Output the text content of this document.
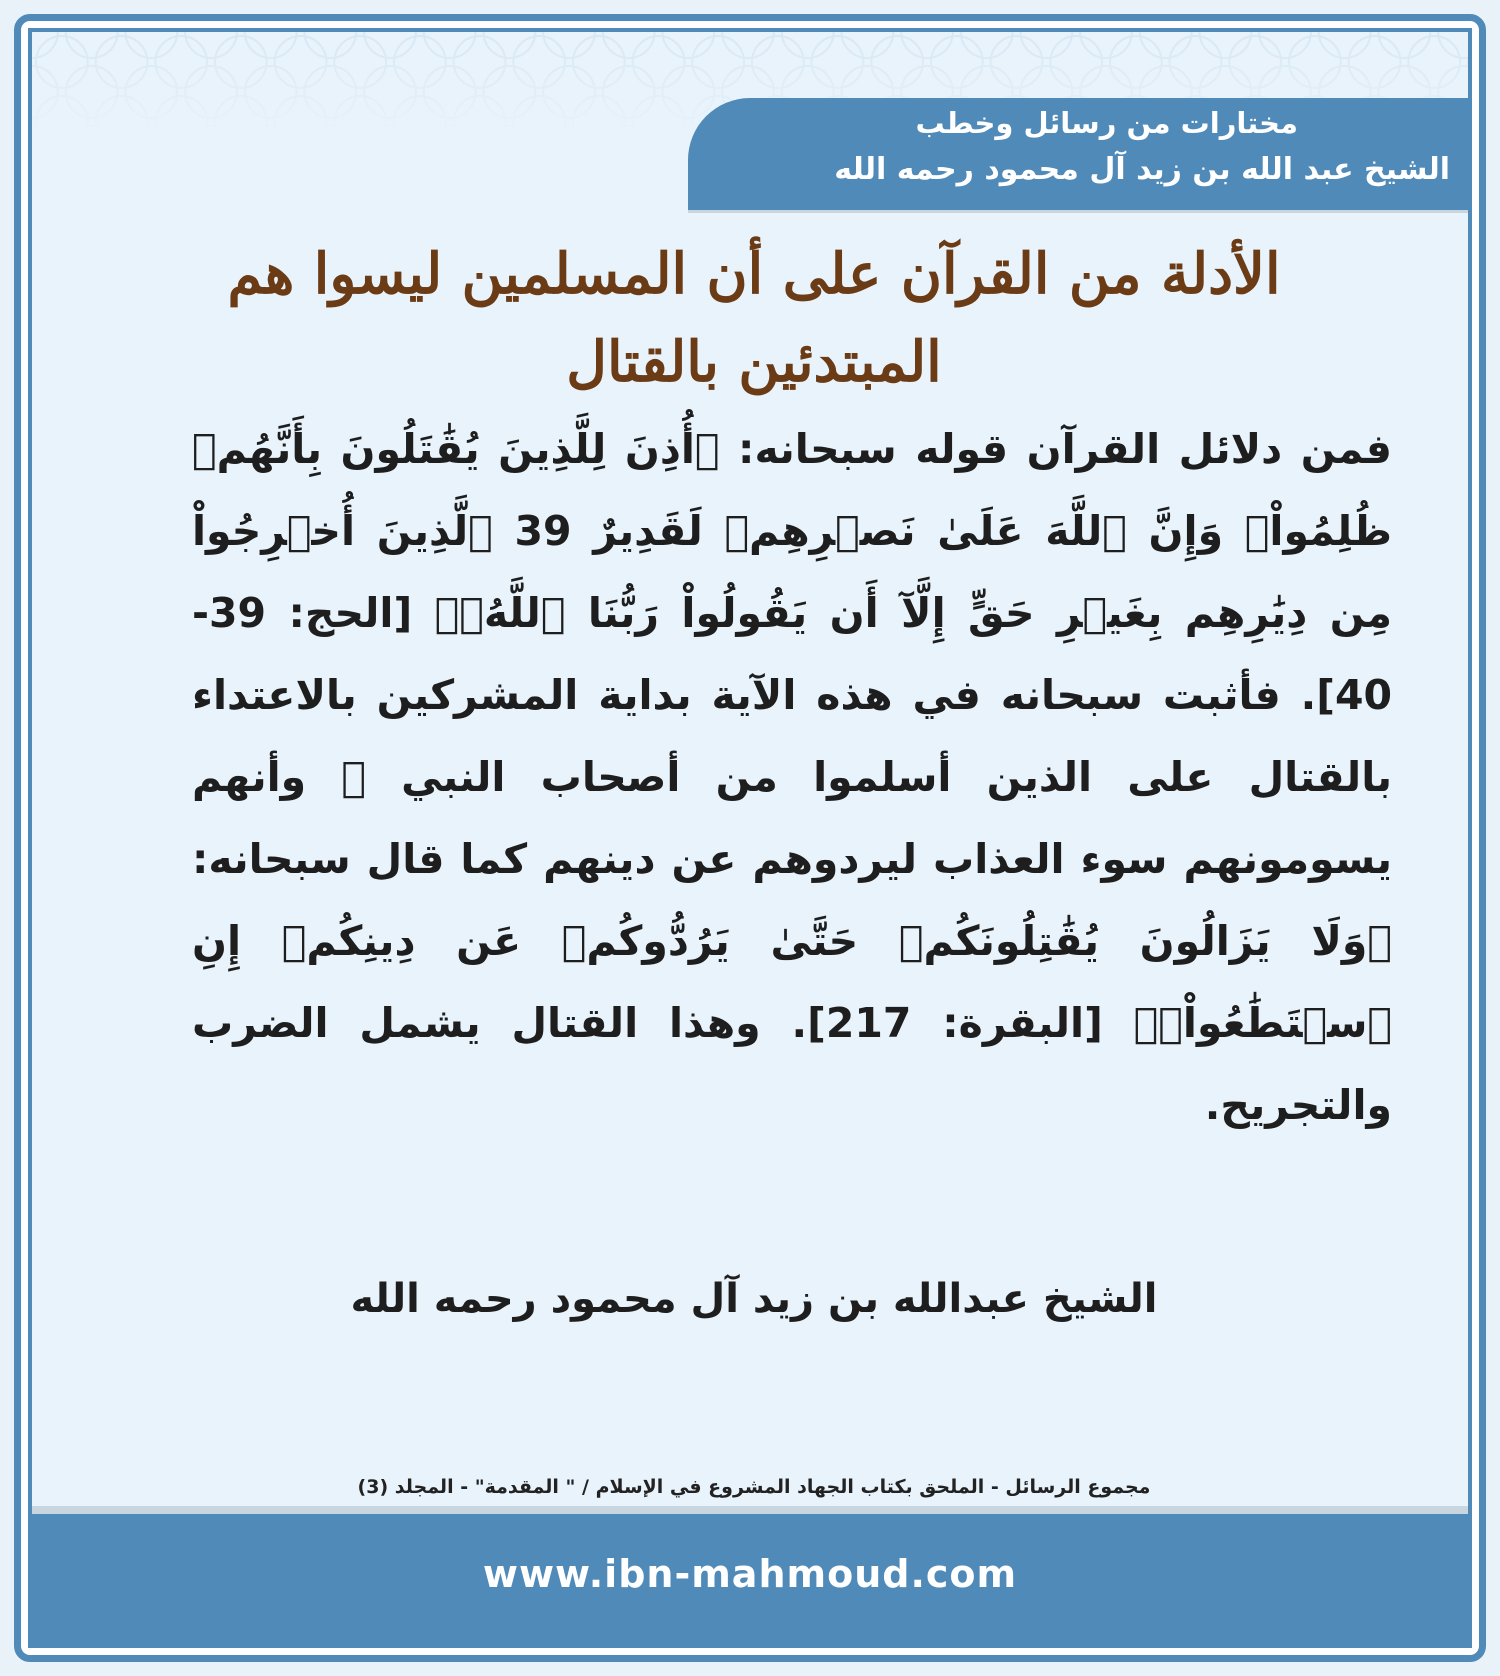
مختارات من رسائل وخطب
الشيخ عبد الله بن زيد آل محمود رحمه الله
الأدلة من القرآن على أن المسلمين ليسوا هم المبتدئين بالقتال
فمن دلائل القرآن قوله سبحانه: ﴿أُذِنَ لِلَّذِينَ يُقَٰتَلُونَ بِأَنَّهُمۡ ظُلِمُواْۚ وَإِنَّ ٱللَّهَ عَلَىٰ نَصۡرِهِمۡ لَقَدِيرٌ 39 ٱلَّذِينَ أُخۡرِجُواْ مِن دِيَٰرِهِم بِغَيۡرِ حَقٍّ إِلَّآ أَن يَقُولُواْ رَبُّنَا ٱللَّهُۗ﴾ [الحج: 39-40]. فأثبت سبحانه في هذه الآية بداية المشركين بالاعتداء بالقتال على الذين أسلموا من أصحاب النبي ﷺ وأنهم يسومونهم سوء العذاب ليردوهم عن دينهم كما قال سبحانه: ﴿وَلَا يَزَالُونَ يُقَٰتِلُونَكُمۡ حَتَّىٰ يَرُدُّوكُمۡ عَن دِينِكُمۡ إِنِ ٱسۡتَطَٰعُواْۚ﴾ [البقرة: 217]. وهذا القتال يشمل الضرب والتجريح.
الشيخ عبدالله بن زيد آل محمود رحمه الله
مجموع الرسائل - الملحق بكتاب الجهاد المشروع في الإسلام / " المقدمة" - المجلد (3)
www.ibn-mahmoud.com
